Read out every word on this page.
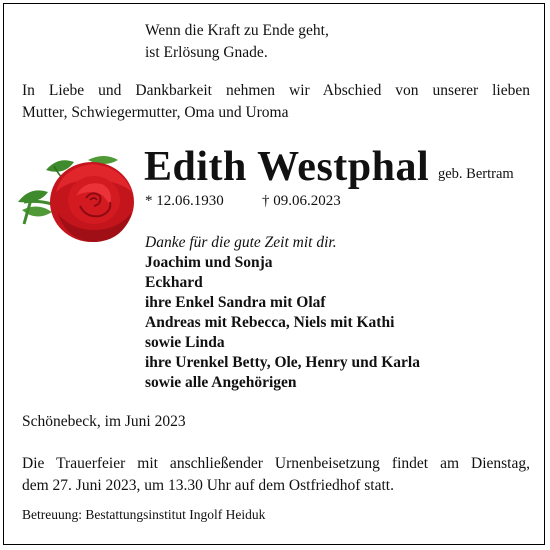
Wenn die Kraft zu Ende geht,
ist Erlösung Gnade.
In Liebe und Dankbarkeit nehmen wir Abschied von unserer lieben
Mutter, Schwiegermutter, Oma und Uroma
Edith Westphal geb. Bertram
* 12.06.1930	† 09.06.2023
Danke für die gute Zeit mit dir.
Joachim und Sonja
Eckhard
ihre Enkel Sandra mit Olaf
Andreas mit Rebecca, Niels mit Kathi
sowie Linda
ihre Urenkel Betty, Ole, Henry und Karla
sowie alle Angehörigen
Schönebeck, im Juni 2023
Die Trauerfeier mit anschließender Urnenbeisetzung findet am Dienstag,
dem 27. Juni 2023, um 13.30 Uhr auf dem Ostfriedhof statt.
Betreuung: Bestattungsinstitut Ingolf Heiduk
